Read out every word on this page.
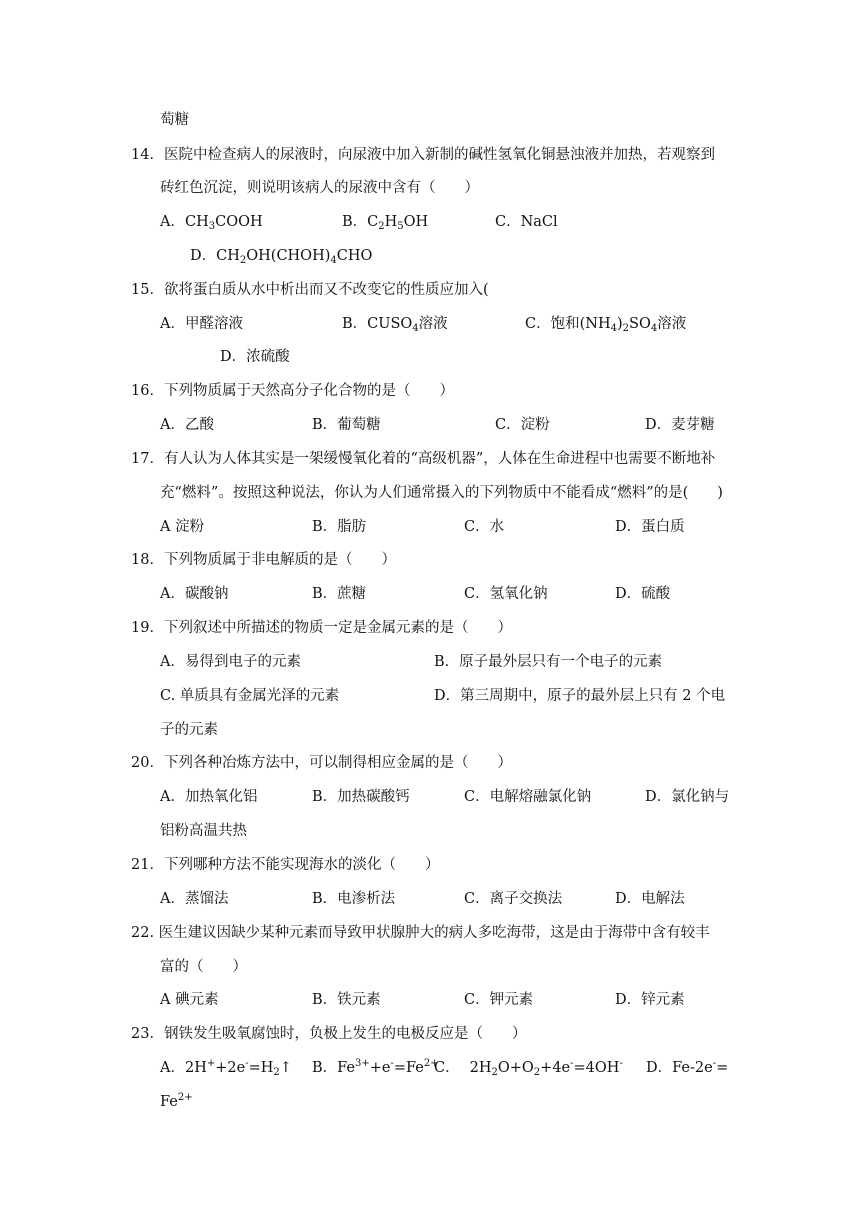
萄糖
14．医院中检查病人的尿液时，向尿液中加入新制的碱性氢氧化铜悬浊液并加热，若观察到
砖红色沉淀，则说明该病人的尿液中含有（　　）
A．$CH_3COOH$	B．$C_2H_5OH$	C．NaCl
D．$CH_2OH(CHOH)_4CHO$
15．欲将蛋白质从水中析出而又不改变它的性质应加入(
A．甲醛溶液	B．$CUSO_4$溶液	C．饱和$(NH_4)_2SO_4$溶液
D．浓硫酸
16．下列物质属于天然高分子化合物的是（　　）
A．乙酸	B．葡萄糖	C．淀粉	D．麦芽糖
17．有人认为人体其实是一架缓慢氧化着的“高级机器”，人体在生命进程中也需要不断地补
充“燃料”。按照这种说法，你认为人们通常摄入的下列物质中不能看成“燃料”的是(　　)
A 淀粉	B．脂肪	C．水	D．蛋白质
18．下列物质属于非电解质的是（　　）
A．碳酸钠	B．蔗糖	C．氢氧化钠	D．硫酸
19．下列叙述中所描述的物质一定是金属元素的是（　　）
A．易得到电子的元素	B．原子最外层只有一个电子的元素
C. 单质具有金属光泽的元素	D．第三周期中，原子的最外层上只有 2 个电
子的元素
20．下列各种冶炼方法中，可以制得相应金属的是（　　）
A．加热氧化铝	B．加热碳酸钙	C．电解熔融氯化钠	D．氯化钠与
铝粉高温共热
21．下列哪种方法不能实现海水的淡化（　　）
A．蒸馏法	B．电渗析法	C．离子交换法	D．电解法
22. 医生建议因缺少某种元素而导致甲状腺肿大的病人多吃海带，这是由于海带中含有较丰
富的（　　）
A 碘元素	B．铁元素	C．钾元素	D．锌元素
23．钢铁发生吸氧腐蚀时，负极上发生的电极反应是（　　）
A．$2H^++2e^-=H_2↑$ B．$Fe^{3+}+e^-=Fe^{2+}$
C． $2H_2O+O_2+4e^-=4OH^-$ D．Fe-2e-=
$Fe^{2+}$
